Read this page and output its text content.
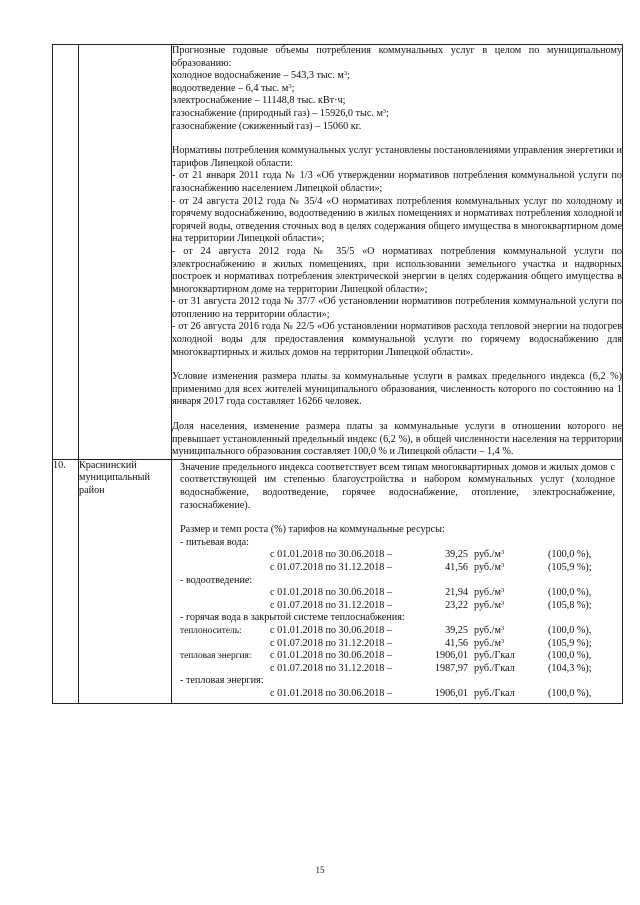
Прогнозные годовые объемы потребления коммунальных услуг в целом по муниципальному образованию:

холодное водоснабжение – 543,3 тыс. $м^3$;
водоотведение – 6,4 тыс. $м^3$;
электроснабжение – 11148,8 тыс. кВт·ч;
газоснабжение (природный газ) – 15926,0 тыс. $м^3$;
газоснабжение (сжиженный газ) – 15060 кг.

Нормативы потребления коммунальных услуг установлены постановлениями управления энергетики и тарифов Липецкой области:

- от 21 января 2011 года № 1/3 «Об утверждении нормативов потребления коммунальной услуги по газоснабжению населением Липецкой области»;

- от 24 августа 2012 года № 35/4 «О нормативах потребления коммунальных услуг по холодному и горячему водоснабжению, водоотведению в жилых помещениях и нормативах потребления холодной и горячей воды, отведения сточных вод в целях содержания общего имущества в многоквартирном доме на территории Липецкой области»;

- от 24 августа 2012 года № 35/5 «О нормативах потребления коммунальной услуги по электроснабжению в жилых помещениях, при использовании земельного участка и надворных построек и нормативах потребления электрической энергии в целях содержания общего имущества в многоквартирном доме на территории Липецкой области»;

- от 31 августа 2012 года № 37/7 «Об установлении нормативов потребления коммунальной услуги по отоплению на территории области»;

- от 26 августа 2016 года № 22/5 «Об установлении нормативов расхода тепловой энергии на подогрев холодной воды для предоставления коммунальной услуги по горячему водоснабжению для многоквартирных и жилых домов на территории Липецкой области».

Условие изменения размера платы за коммунальные услуги в рамках предельного индекса (6,2 %) применимо для всех жителей муниципального образования, численность которого по состоянию на 1 января 2017 года составляет 16266 человек.

Доля населения, изменение размера платы за коммунальные услуги в отношении которого не превышает установленный предельный индекс (6,2 %), в общей численности населения на территории муниципального образования составляет 100,0 % и Липецкой области – 1,4 %.

10.	Краснинский муниципальный район	

Значение предельного индекса соответствует всем типам многоквартирных домов и жилых домов с соответствующей им степенью благоустройства и набором коммунальных услуг (холодное водоснабжение, водоотведение, горячее водоснабжение, отопление, электроснабжение, газоснабжение).

Размер и темп роста (%) тарифов на коммунальные ресурсы:

- питьевая вода:
	с 01.01.2018 по 30.06.2018 –	39,25	$руб./м^3$	(100,0 %),
	с 01.07.2018 по 31.12.2018 –	41,56	$руб./м^3$	(105,9 %);
- водоотведение:
	с 01.01.2018 по 30.06.2018 –	21,94	$руб./м^3$	(100,0 %),
	с 01.07.2018 по 31.12.2018 –	23,22	$руб./м^3$	(105,8 %);
- горячая вода в закрытой системе теплоснабжения:
теплоноситель:	с 01.01.2018 по 30.06.2018 –	39,25	$руб./м^3$	(100,0 %),
	с 01.07.2018 по 31.12.2018 –	41,56	$руб./м^3$	(105,9 %);
тепловая энергия:	с 01.01.2018 по 30.06.2018 –	1906,01	руб./Гкал	(100,0 %),
	с 01.07.2018 по 31.12.2018 –	1987,97	руб./Гкал	(104,3 %);
- тепловая энергия:
	с 01.01.2018 по 30.06.2018 –	1906,01	руб./Гкал	(100,0 %),
15
